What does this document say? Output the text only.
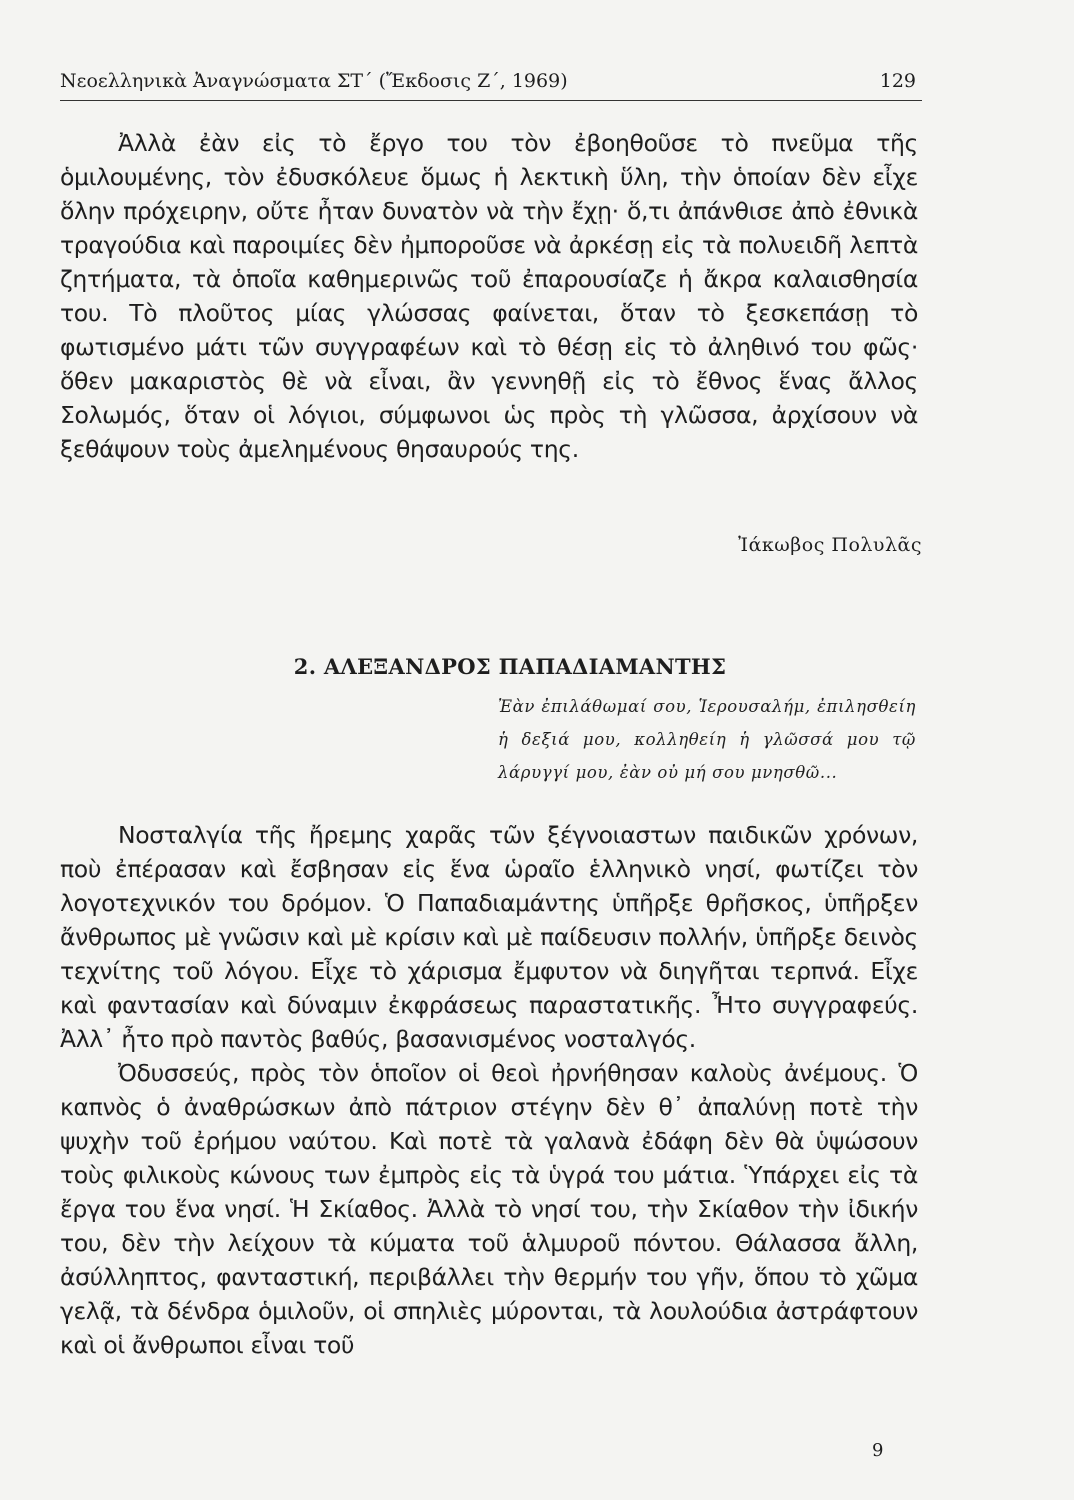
Νεοελληνικὰ Ἀναγνώσματα ΣΤ΄ (Ἔκδοσις Ζ΄, 1969)	129

Ἀλλὰ ἐὰν εἰς τὸ ἔργο του τὸν ἐβοηθοῦσε τὸ πνεῦμα τῆς ὁμιλουμένης, τὸν ἐδυσκόλευε ὅμως ἡ λεκτικὴ ὕλη, τὴν ὁποίαν δὲν εἶχε ὅλην πρόχειρην, οὔτε ἦταν δυνατὸν νὰ τὴν ἔχῃ· ὅ,τι ἀπάνθισε ἀπὸ ἐθνικὰ τραγούδια καὶ παροιμίες δὲν ἠμποροῦσε νὰ ἀρκέσῃ εἰς τὰ πολυειδῆ λεπτὰ ζητήματα, τὰ ὁποῖα καθημερινῶς τοῦ ἐπαρουσίαζε ἡ ἄκρα καλαισθησία του. Τὸ πλοῦτος μίας γλώσσας φαίνεται, ὅταν τὸ ξεσκεπάσῃ τὸ φωτισμένο μάτι τῶν συγγραφέων καὶ τὸ θέσῃ εἰς τὸ ἀληθινό του φῶς· ὅθεν μακαριστὸς θὲ νὰ εἶναι, ἂν γεννηθῇ εἰς τὸ ἔθνος ἕνας ἄλλος Σολωμός, ὅταν οἱ λόγιοι, σύμφωνοι ὡς πρὸς τὴ γλῶσσα, ἀρχίσουν νὰ ξεθάψουν τοὺς ἀμελημένους θησαυρούς της.

Ἰάκωβος Πολυλᾶς
2. ΑΛΕΞΑΝΔΡΟΣ ΠΑΠΑΔΙΑΜΑΝΤΗΣ
Ἐὰν ἐπιλάθωμαί σου, Ἱερουσαλήμ, ἐπιλησθείη ἡ δεξιά μου, κολληθείη ἡ γλῶσσά μου τῷ λάρυγγί μου, ἐὰν οὐ μή σου μνησθῶ...

Νοσταλγία τῆς ἤρεμης χαρᾶς τῶν ξέγνοιαστων παιδικῶν χρόνων, ποὺ ἐπέρασαν καὶ ἔσβησαν εἰς ἕνα ὡραῖο ἑλληνικὸ νησί, φωτίζει τὸν λογοτεχνικόν του δρόμον. Ὁ Παπαδιαμάντης ὑπῆρξε θρῆσκος, ὑπῆρξεν ἄνθρωπος μὲ γνῶσιν καὶ μὲ κρίσιν καὶ μὲ παίδευσιν πολλήν, ὑπῆρξε δεινὸς τεχνίτης τοῦ λόγου. Εἶχε τὸ χάρισμα ἔμφυτον νὰ διηγῆται τερπνά. Εἶχε καὶ φαντασίαν καὶ δύναμιν ἐκφράσεως παραστατικῆς. Ἦτο συγγραφεύς. Ἀλλ᾽ ἦτο πρὸ παντὸς βαθύς, βασανισμένος νοσταλγός.

Ὀδυσσεύς, πρὸς τὸν ὁποῖον οἱ θεοὶ ἠρνήθησαν καλοὺς ἀνέμους. Ὁ καπνὸς ὁ ἀναθρώσκων ἀπὸ πάτριον στέγην δὲν θ᾽ ἀπαλύνῃ ποτὲ τὴν ψυχὴν τοῦ ἐρήμου ναύτου. Καὶ ποτὲ τὰ γαλανὰ ἐδάφη δὲν θὰ ὑψώσουν τοὺς φιλικοὺς κώνους των ἐμπρὸς εἰς τὰ ὑγρά του μάτια. Ὑπάρχει εἰς τὰ ἔργα του ἕνα νησί. Ἡ Σκίαθος. Ἀλλὰ τὸ νησί του, τὴν Σκίαθον τὴν ἰδικήν του, δὲν τὴν λείχουν τὰ κύματα τοῦ ἁλμυροῦ πόντου. Θάλασσα ἄλλη, ἀσύλληπτος, φανταστική, περιβάλλει τὴν θερμήν του γῆν, ὅπου τὸ χῶμα γελᾷ, τὰ δένδρα ὁμιλοῦν, οἱ σπηλιὲς μύρονται, τὰ λουλούδια ἀστράφτουν καὶ οἱ ἄνθρωποι εἶναι τοῦ

9
